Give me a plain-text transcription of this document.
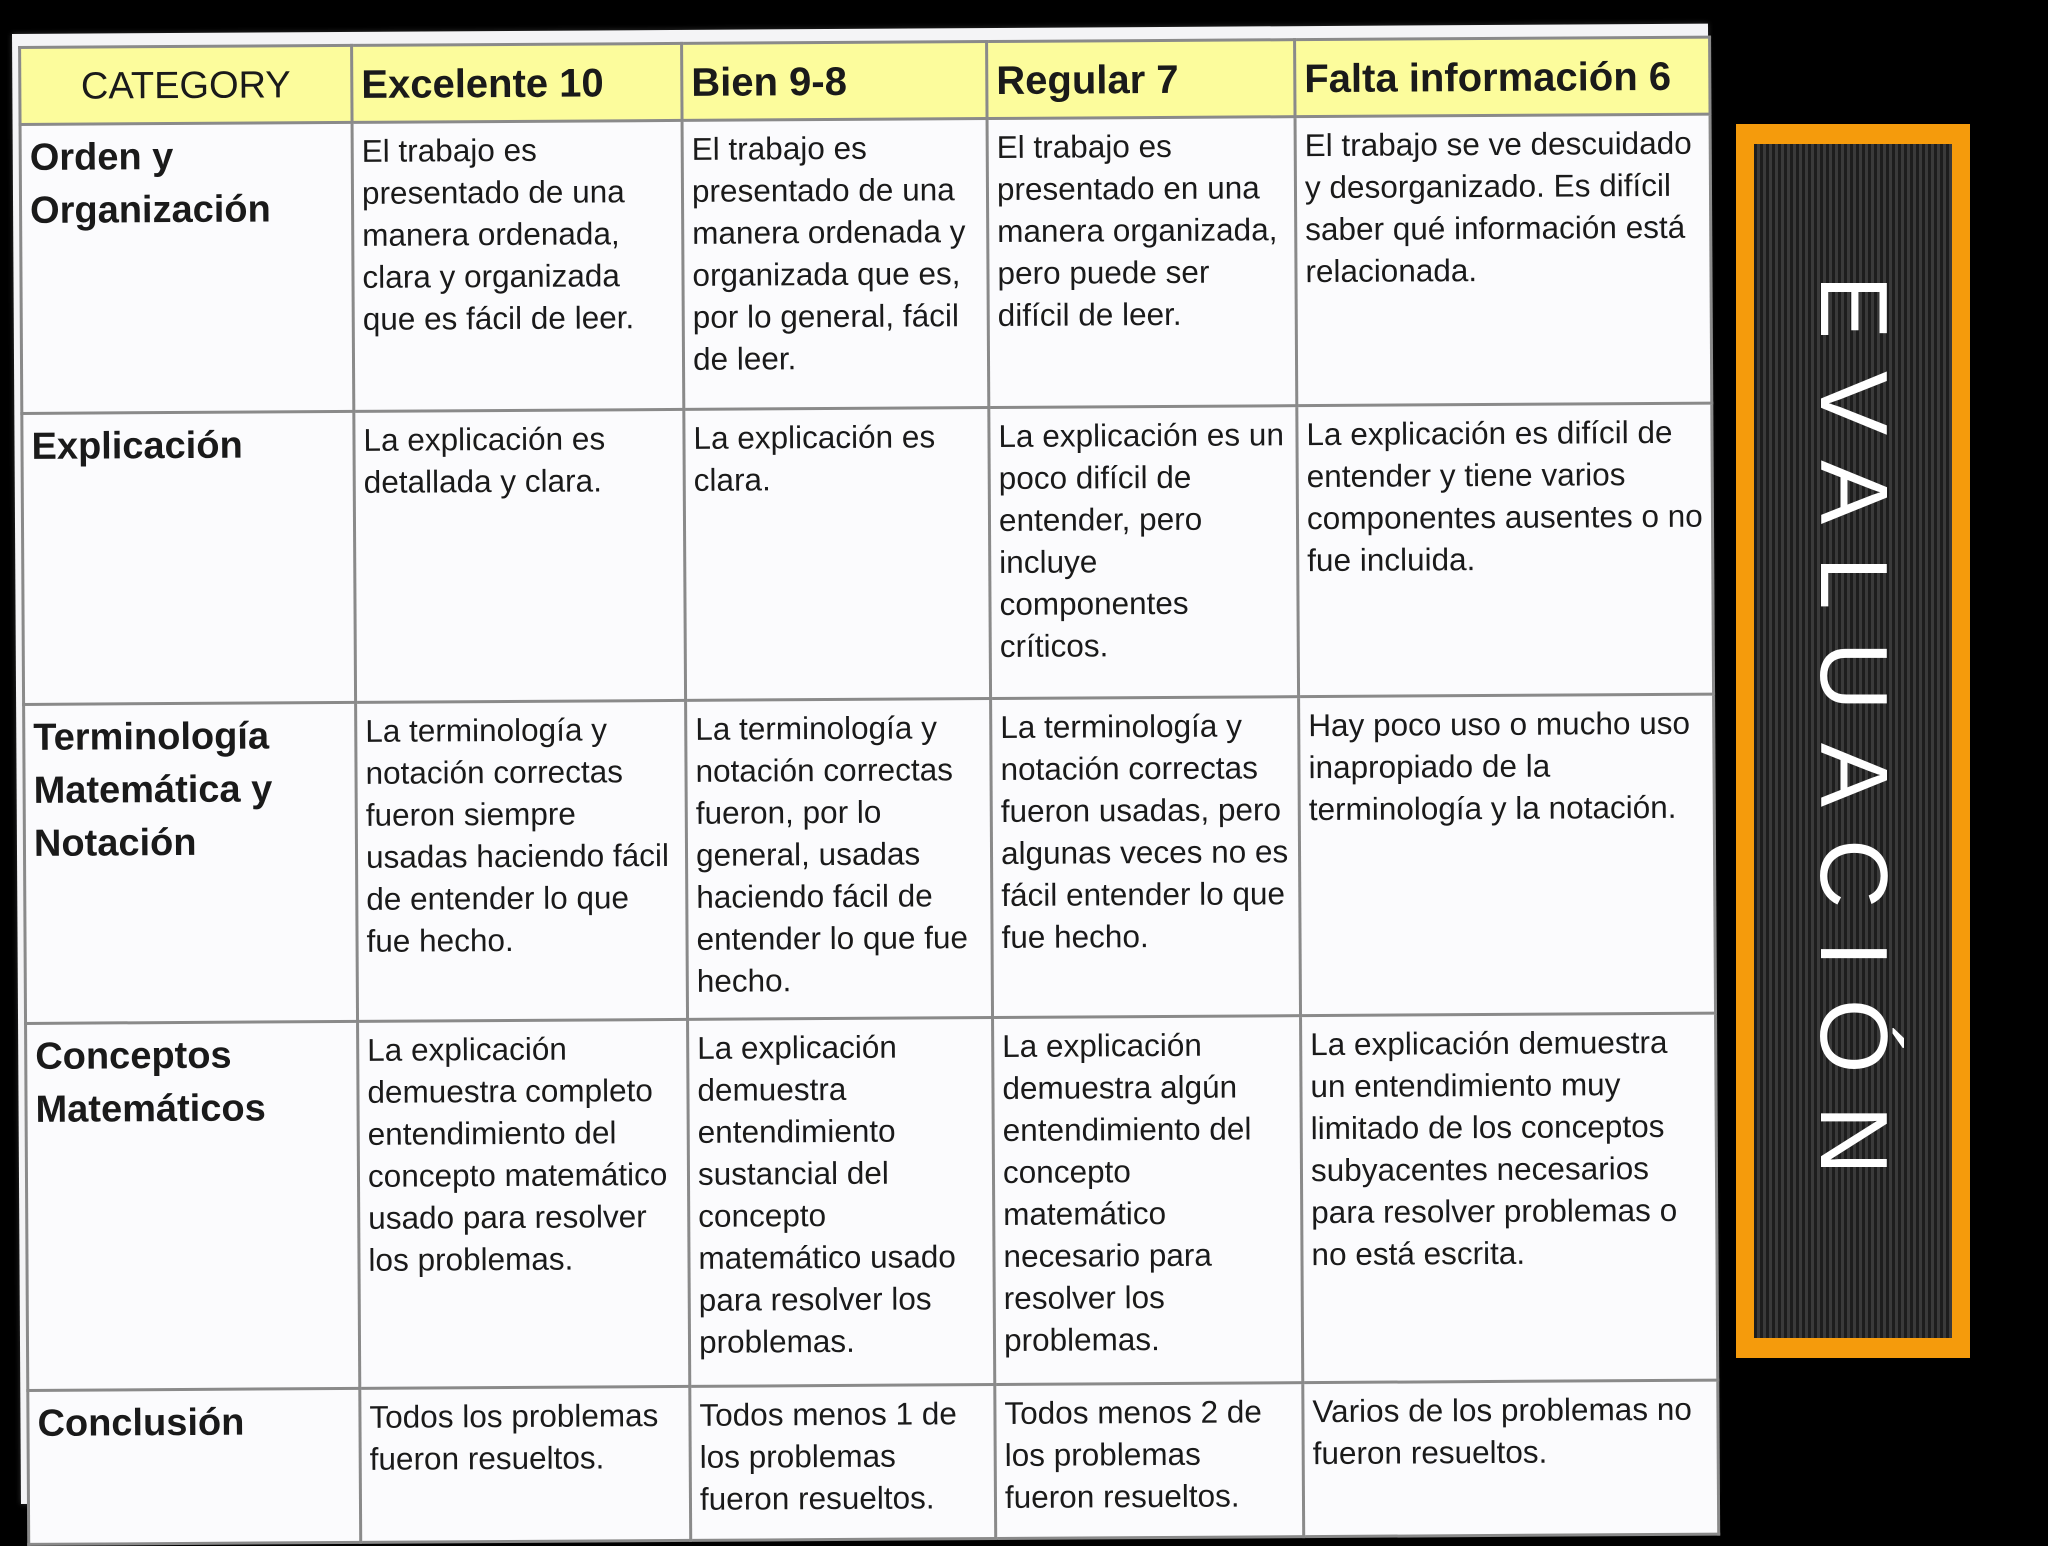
CATEGORY	Excelente 10	Bien 9-8	Regular 7	Falta información 6
Orden y Organización	El trabajo es presentado de una manera ordenada, clara y organizada que es fácil de leer.	El trabajo es presentado de una manera ordenada y organizada que es, por lo general, fácil de leer.	El trabajo es presentado en una manera organizada, pero puede ser difícil de leer.	El trabajo se ve descuidado y desorganizado. Es difícil saber qué información está relacionada.
Explicación	La explicación es detallada y clara.	La explicación es clara.	La explicación es un poco difícil de entender, pero incluye componentes críticos.	La explicación es difícil de entender y tiene varios componentes ausentes o no fue incluida.
Terminología Matemática y Notación	La terminología y notación correctas fueron siempre usadas haciendo fácil de entender lo que fue hecho.	La terminología y notación correctas fueron, por lo general, usadas haciendo fácil de entender lo que fue hecho.	La terminología y notación correctas fueron usadas, pero algunas veces no es fácil entender lo que fue hecho.	Hay poco uso o mucho uso inapropiado de la terminología y la notación.
Conceptos Matemáticos	La explicación demuestra completo entendimiento del concepto matemático usado para resolver los problemas.	La explicación demuestra entendimiento sustancial del concepto matemático usado para resolver los problemas.	La explicación demuestra algún entendimiento del concepto matemático necesario para resolver los problemas.	La explicación demuestra un entendimiento muy limitado de los conceptos subyacentes necesarios para resolver problemas o no está escrita.
Conclusión	Todos los problemas fueron resueltos.	Todos menos 1 de los problemas fueron resueltos.	Todos menos 2 de los problemas fueron resueltos.	Varios de los problemas no fueron resueltos.
EVALUACIÓN
